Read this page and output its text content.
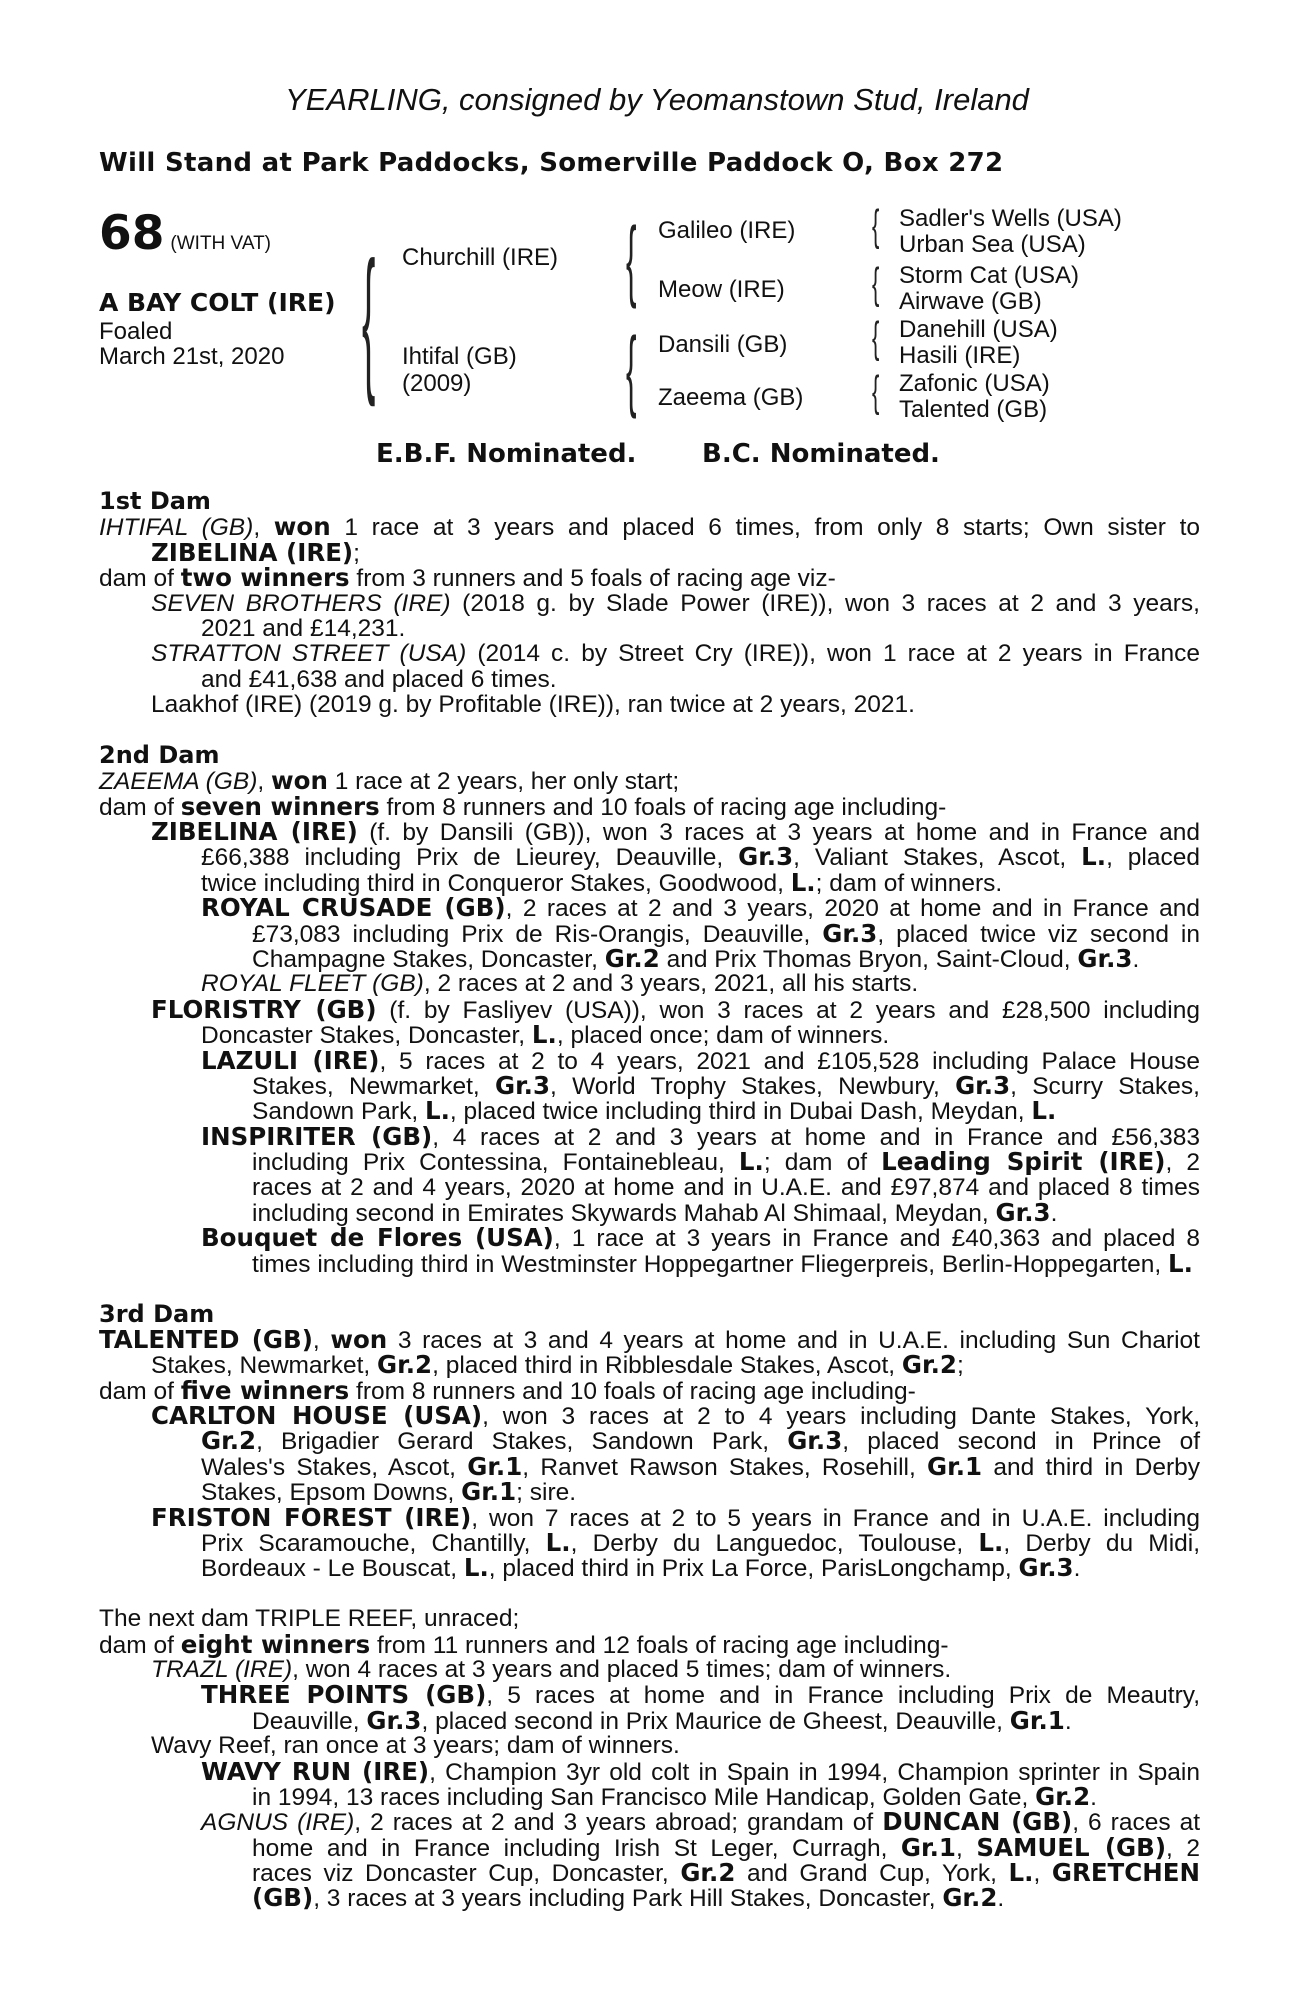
YEARLING, consigned by Yeomanstown Stud, Ireland
Will Stand at Park Paddocks, Somerville Paddock O, Box 272
68 (WITH VAT)
A BAY COLT (IRE)
Foaled
March 21st, 2020 { Churchill (IRE)
Ihtifal (GB)
(2009)
{ Galileo (IRE)
Meow (IRE)
{ Dansili (GB)
Zaeema (GB)
{ Sadler's Wells (USA)
Urban Sea (USA)
{ Storm Cat (USA)
Airwave (GB)
{ Danehill (USA)
Hasili (IRE)
{ Zafonic (USA)
Talented (GB)
E.B.F. Nominated.	B.C. Nominated.
1st Dam
IHTIFAL (GB), won 1 race at 3 years and placed 6 times, from only 8 starts; Own sister to
ZIBELINA (IRE);
dam of two winners from 3 runners and 5 foals of racing age viz-
SEVEN BROTHERS (IRE) (2018 g. by Slade Power (IRE)), won 3 races at 2 and 3 years,
2021 and £14,231.
STRATTON STREET (USA) (2014 c. by Street Cry (IRE)), won 1 race at 2 years in France
and £41,638 and placed 6 times.
Laakhof (IRE) (2019 g. by Profitable (IRE)), ran twice at 2 years, 2021.
2nd Dam
ZAEEMA (GB), won 1 race at 2 years, her only start;
dam of seven winners from 8 runners and 10 foals of racing age including-
ZIBELINA (IRE) (f. by Dansili (GB)), won 3 races at 3 years at home and in France and
£66,388 including Prix de Lieurey, Deauville, Gr.3, Valiant Stakes, Ascot, L., placed
twice including third in Conqueror Stakes, Goodwood, L.; dam of winners.
ROYAL CRUSADE (GB), 2 races at 2 and 3 years, 2020 at home and in France and
£73,083 including Prix de Ris-Orangis, Deauville, Gr.3, placed twice viz second in
Champagne Stakes, Doncaster, Gr.2 and Prix Thomas Bryon, Saint-Cloud, Gr.3.
ROYAL FLEET (GB), 2 races at 2 and 3 years, 2021, all his starts.
FLORISTRY (GB) (f. by Fasliyev (USA)), won 3 races at 2 years and £28,500 including
Doncaster Stakes, Doncaster, L., placed once; dam of winners.
LAZULI (IRE), 5 races at 2 to 4 years, 2021 and £105,528 including Palace House
Stakes, Newmarket, Gr.3, World Trophy Stakes, Newbury, Gr.3, Scurry Stakes,
Sandown Park, L., placed twice including third in Dubai Dash, Meydan, L.
INSPIRITER (GB), 4 races at 2 and 3 years at home and in France and £56,383
including Prix Contessina, Fontainebleau, L.; dam of Leading Spirit (IRE), 2
races at 2 and 4 years, 2020 at home and in U.A.E. and £97,874 and placed 8 times
including second in Emirates Skywards Mahab Al Shimaal, Meydan, Gr.3.
Bouquet de Flores (USA), 1 race at 3 years in France and £40,363 and placed 8
times including third in Westminster Hoppegartner Fliegerpreis, Berlin-Hoppegarten, L.
3rd Dam
TALENTED (GB), won 3 races at 3 and 4 years at home and in U.A.E. including Sun Chariot
Stakes, Newmarket, Gr.2, placed third in Ribblesdale Stakes, Ascot, Gr.2;
dam of five winners from 8 runners and 10 foals of racing age including-
CARLTON HOUSE (USA), won 3 races at 2 to 4 years including Dante Stakes, York,
Gr.2, Brigadier Gerard Stakes, Sandown Park, Gr.3, placed second in Prince of
Wales's Stakes, Ascot, Gr.1, Ranvet Rawson Stakes, Rosehill, Gr.1 and third in Derby
Stakes, Epsom Downs, Gr.1; sire.
FRISTON FOREST (IRE), won 7 races at 2 to 5 years in France and in U.A.E. including
Prix Scaramouche, Chantilly, L., Derby du Languedoc, Toulouse, L., Derby du Midi,
Bordeaux - Le Bouscat, L., placed third in Prix La Force, ParisLongchamp, Gr.3.
The next dam TRIPLE REEF, unraced;
dam of eight winners from 11 runners and 12 foals of racing age including-
TRAZL (IRE), won 4 races at 3 years and placed 5 times; dam of winners.
THREE POINTS (GB), 5 races at home and in France including Prix de Meautry,
Deauville, Gr.3, placed second in Prix Maurice de Gheest, Deauville, Gr.1.
Wavy Reef, ran once at 3 years; dam of winners.
WAVY RUN (IRE), Champion 3yr old colt in Spain in 1994, Champion sprinter in Spain
in 1994, 13 races including San Francisco Mile Handicap, Golden Gate, Gr.2.
AGNUS (IRE), 2 races at 2 and 3 years abroad; grandam of DUNCAN (GB), 6 races at
home and in France including Irish St Leger, Curragh, Gr.1, SAMUEL (GB), 2
races viz Doncaster Cup, Doncaster, Gr.2 and Grand Cup, York, L., GRETCHEN
(GB), 3 races at 3 years including Park Hill Stakes, Doncaster, Gr.2.
